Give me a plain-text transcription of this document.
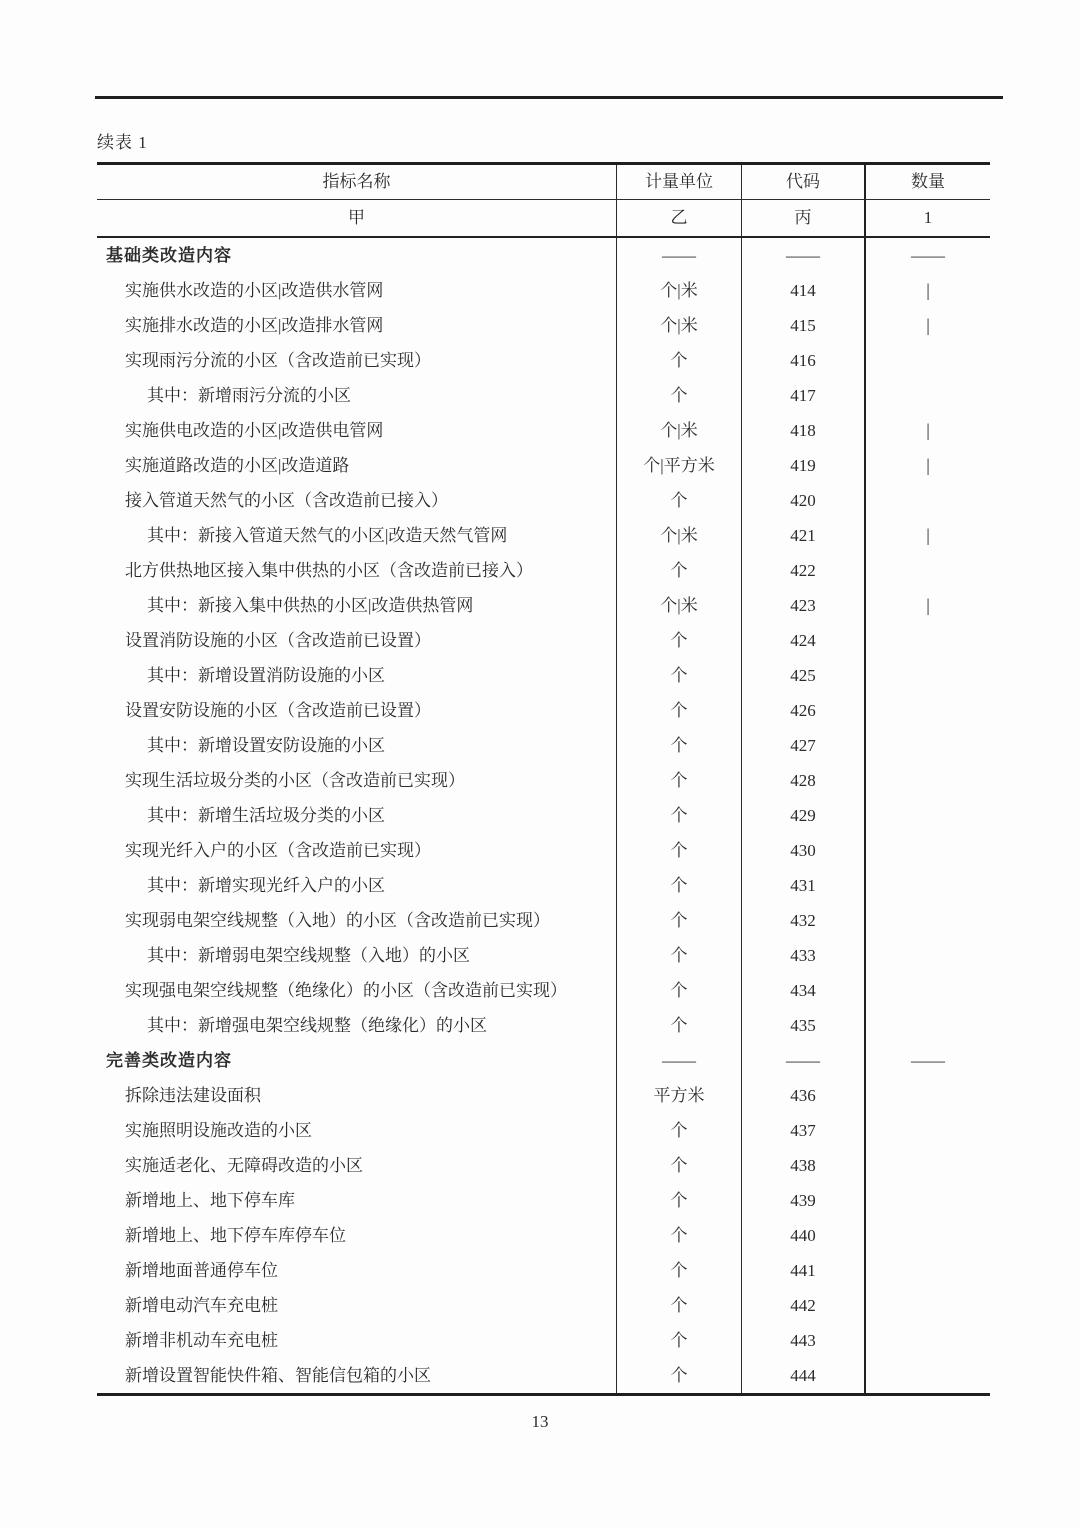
续表 1
指标名称	计量单位	代码	数量
甲	乙	丙	1
基础类改造内容	——	——	——
实施供水改造的小区|改造供水管网	个|米	414	|
实施排水改造的小区|改造排水管网	个|米	415	|
实现雨污分流的小区（含改造前已实现）	个	416
其中：新增雨污分流的小区	个	417
实施供电改造的小区|改造供电管网	个|米	418	|
实施道路改造的小区|改造道路	个|平方米	419	|
接入管道天然气的小区（含改造前已接入）	个	420
其中：新接入管道天然气的小区|改造天然气管网	个|米	421	|
北方供热地区接入集中供热的小区（含改造前已接入）	个	422
其中：新接入集中供热的小区|改造供热管网	个|米	423	|
设置消防设施的小区（含改造前已设置）	个	424
其中：新增设置消防设施的小区	个	425
设置安防设施的小区（含改造前已设置）	个	426
其中：新增设置安防设施的小区	个	427
实现生活垃圾分类的小区（含改造前已实现）	个	428
其中：新增生活垃圾分类的小区	个	429
实现光纤入户的小区（含改造前已实现）	个	430
其中：新增实现光纤入户的小区	个	431
实现弱电架空线规整（入地）的小区（含改造前已实现）	个	432
其中：新增弱电架空线规整（入地）的小区	个	433
实现强电架空线规整（绝缘化）的小区（含改造前已实现）	个	434
其中：新增强电架空线规整（绝缘化）的小区	个	435
完善类改造内容	——	——	——
拆除违法建设面积	平方米	436
实施照明设施改造的小区	个	437
实施适老化、无障碍改造的小区	个	438
新增地上、地下停车库	个	439
新增地上、地下停车库停车位	个	440
新增地面普通停车位	个	441
新增电动汽车充电桩	个	442
新增非机动车充电桩	个	443
新增设置智能快件箱、智能信包箱的小区	个	444
13
